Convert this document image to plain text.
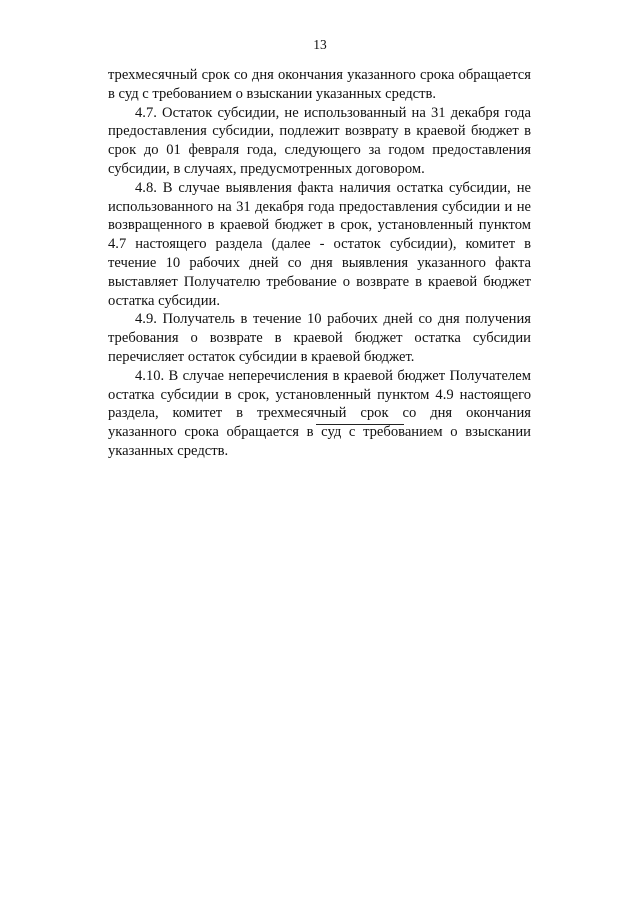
13

трехмесячный срок со дня окончания указанного срока обращается в суд с требованием о взыскании указанных средств.

4.7. Остаток субсидии, не использованный на 31 декабря года предоставления субсидии, подлежит возврату в краевой бюджет в срок до 01 февраля года, следующего за годом предоставления субсидии, в случаях, предусмотренных договором.

4.8. В случае выявления факта наличия остатка субсидии, не использованного на 31 декабря года предоставления субсидии и не возвращенного в краевой бюджет в срок, установленный пунктом 4.7 настоящего раздела (далее - остаток субсидии), комитет в течение 10 рабочих дней со дня выявления указанного факта выставляет Получателю требование о возврате в краевой бюджет остатка субсидии.

4.9. Получатель в течение 10 рабочих дней со дня получения требования о возврате в краевой бюджет остатка субсидии перечисляет остаток субсидии в краевой бюджет.

4.10. В случае неперечисления в краевой бюджет Получателем остатка субсидии в срок, установленный пунктом 4.9 настоящего раздела, комитет в трехмесячный срок со дня окончания указанного срока обращается в суд с требованием о взыскании указанных средств.
